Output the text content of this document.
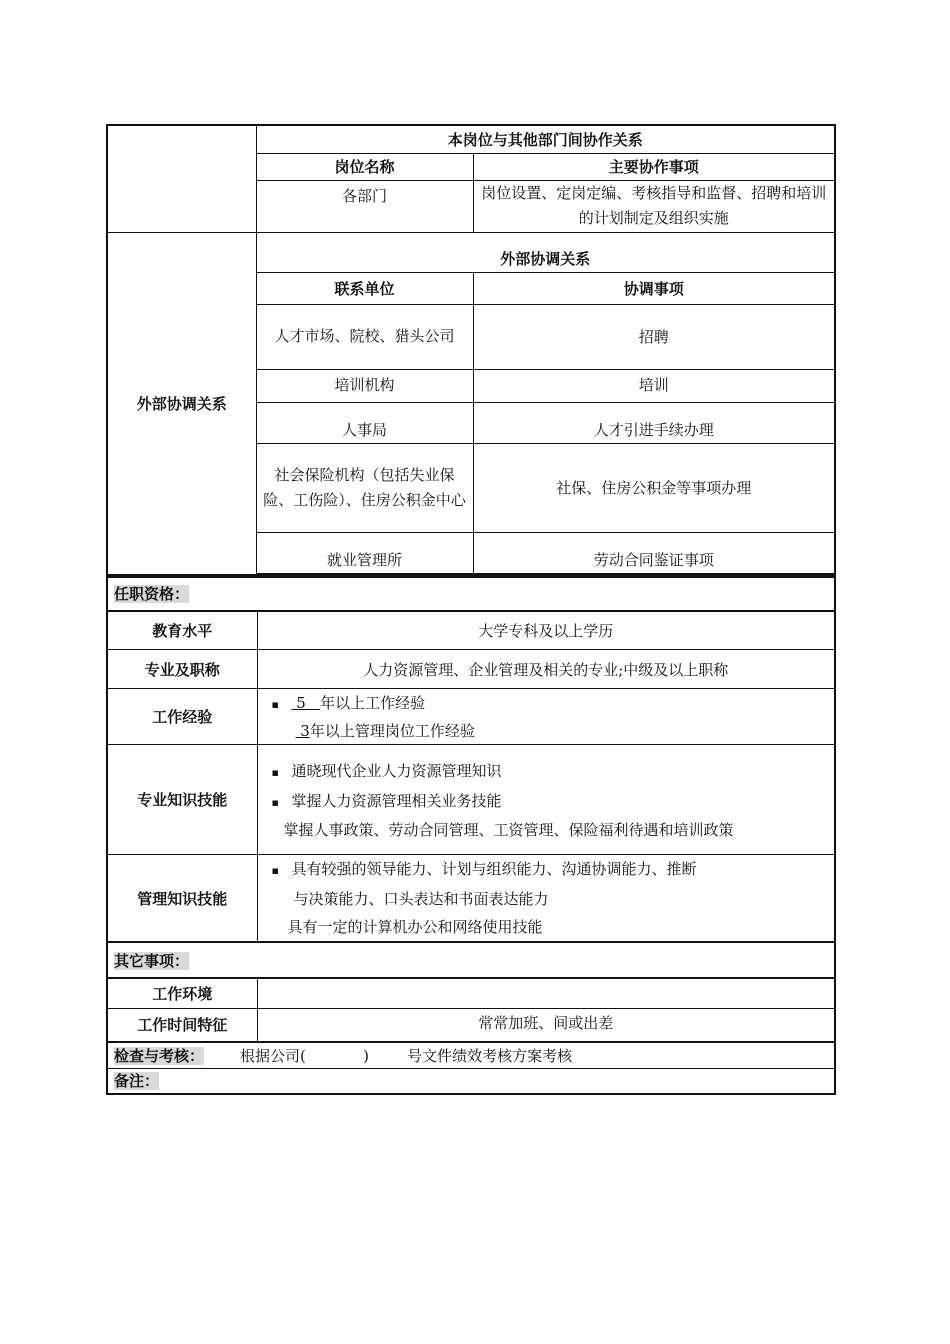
	本岗位与其他部门间协作关系	
	岗位名称	主要协作事项
	各部门	岗位设置、定岗定编、考核指导和监督、招聘和培训的计划制定及组织实施
外部协调关系	外部协调关系	
	联系单位	协调事项
	人才市场、院校、猎头公司	招聘
	培训机构	培训
	人事局	人才引进手续办理
	社会保险机构（包括失业保险、工伤险）、住房公积金中心	社保、住房公积金等事项办理
	就业管理所	劳动合同鉴证事项

任职资格：	
教育水平	大学专科及以上学历
专业及职称	人力资源管理、企业管理及相关的专业;中级及以上职称
工作经验	▪ 5 年以上工作经验
3年以上管理岗位工作经验

专业知识技能	▪ 通晓现代企业人力资源管理知识
▪ 掌握人力资源管理相关业务技能
掌握人事政策、劳动合同管理、工资管理、保险福利待遇和培训政策

管理知识技能	▪ 具有较强的领导能力、计划与组织能力、沟通协调能力、推断
与决策能力、口头表达和书面表达能力
具有一定的计算机办公和网络使用技能

其它事项：	
工作环境	
工作时间特征	常常加班、间或出差
检查与考核： 根据公司(            )        号文件绩效考核方案考核	
备注：	
